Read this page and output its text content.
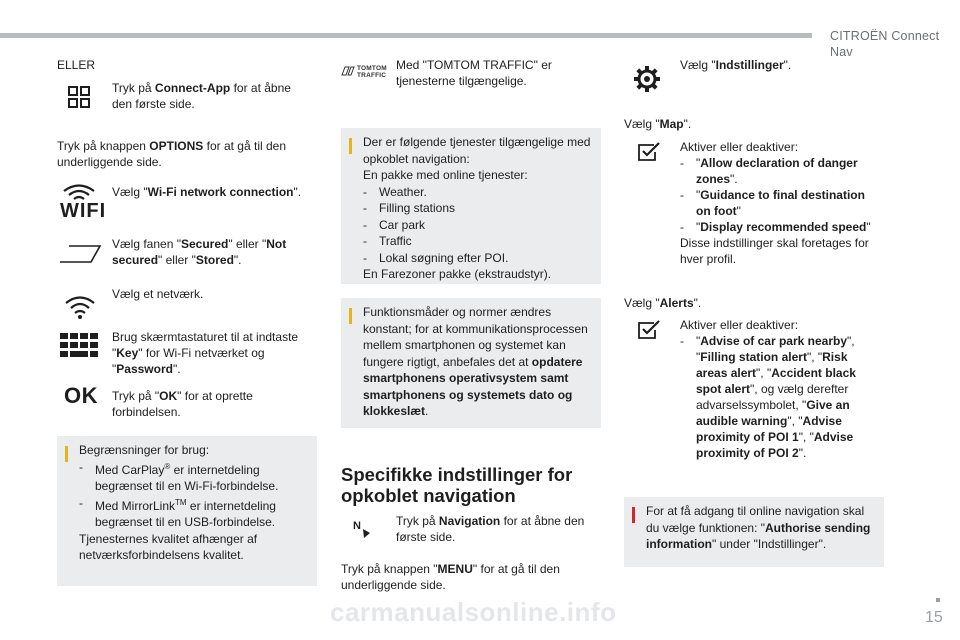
CITROËN Connect Nav
15
ELLER
Tryk på Connect-App for at åbne den første side.
Tryk på knappen OPTIONS for at gå til den underliggende side.
WIFI
Vælg "Wi-Fi network connection".
Vælg fanen "Secured" eller "Not secured" eller "Stored".
Vælg et netværk.
Brug skærmtastaturet til at indtaste "Key" for Wi-Fi netværket og "Password".
OK Tryk på "OK" for at oprette forbindelsen.
Begrænsninger for brug:
- Med CarPlay® er internetdeling begrænset til en Wi-Fi-forbindelse.
- Med MirrorLink™ er internetdeling begrænset til en USB-forbindelse.
Tjenesternes kvalitet afhænger af netværksforbindelsens kvalitet.
TOMTOM
TRAFFIC
Med "TOMTOM TRAFFIC" er tjenesterne tilgængelige.
Der er følgende tjenester tilgængelige med opkoblet navigation:
En pakke med online tjenester:
- Weather.
- Filling stations
- Car park
- Traffic
- Lokal søgning efter POI.
En Farezoner pakke (ekstraudstyr).
Funktionsmåder og normer ændres konstant; for at kommunikationsprocessen mellem smartphonen og systemet kan fungere rigtigt, anbefales det at opdatere smartphonens operativsystem samt smartphonens og systemets dato og klokkeslæt.
Specifikke indstillinger for opkoblet navigation
N	Tryk på Navigation for at åbne den første side.
Tryk på knappen "MENU" for at gå til den underliggende side.
Vælg "Indstillinger".
Vælg "Map".
Aktiver eller deaktiver:
- "Allow declaration of danger zones".
- "Guidance to final destination on foot"
- "Display recommended speed"
Disse indstillinger skal foretages for hver profil.
Vælg "Alerts".
Aktiver eller deaktiver:
- "Advise of car park nearby", "Filling station alert", "Risk areas alert", "Accident black spot alert", og vælg derefter advarselssymbolet, "Give an audible warning", "Advise proximity of POI 1", "Advise proximity of POI 2".
For at få adgang til online navigation skal du vælge funktionen: "Authorise sending information" under "Indstillinger".
carmanualsonline.info
